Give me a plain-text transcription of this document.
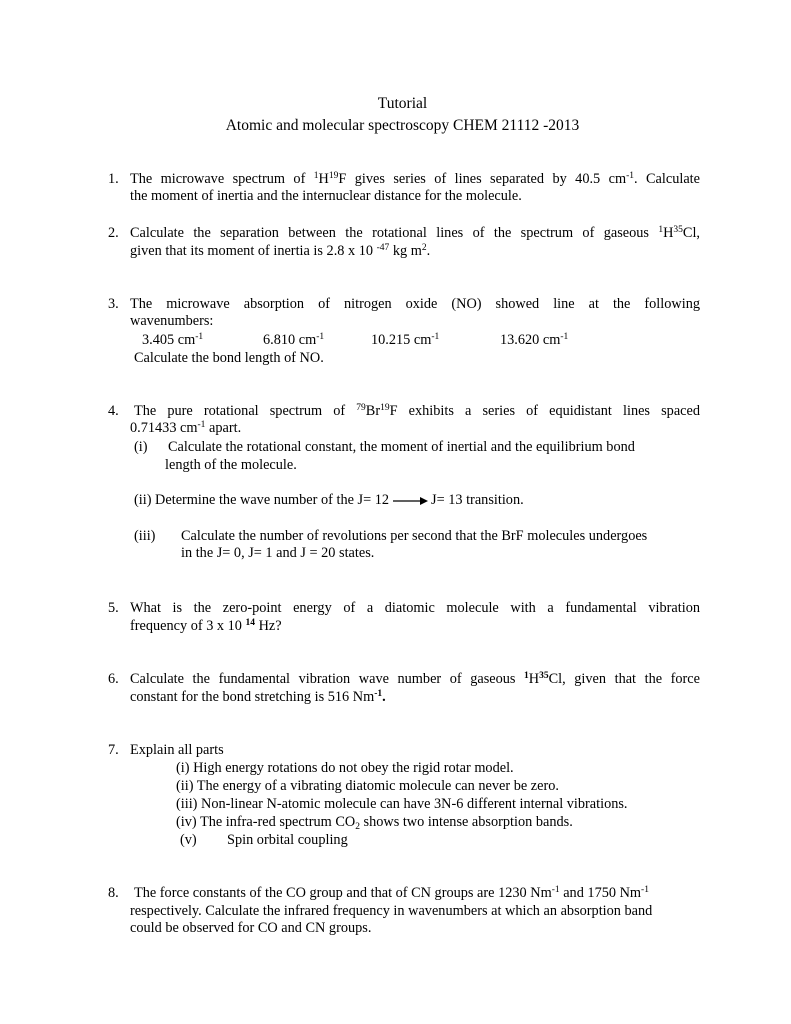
Tutorial
Atomic and molecular spectroscopy CHEM 21112 -2013
1. The microwave spectrum of $^1H^{19}F$ gives series of lines separated by 40.5 $cm^{-1}$. Calculate
the moment of inertia and the internuclear distance for the molecule.
2. Calculate the separation between the rotational lines of the spectrum of gaseous $^1H^{35}Cl$,
given that its moment of inertia is 2.8 x 10 $^{-47}$ kg $m^2$.
3. The microwave absorption of nitrogen oxide (NO) showed line at the following
wavenumbers:
3.405 $cm^{-1}$	6.810 $cm^{-1}$	10.215 $cm^{-1}$	13.620 $cm^{-1}$
Calculate the bond length of NO.
4. The pure rotational spectrum of $^{79}$Br$^{19}$F exhibits a series of equidistant lines spaced
0.71433 $cm^{-1}$ apart.
(i) Calculate the rotational constant, the moment of inertial and the equilibrium bond
length of the molecule.
(ii) Determine the wave number of the J= 12	J= 13 transition.
(iii) Calculate the number of revolutions per second that the BrF molecules undergoes
in the J= 0, J= 1 and J = 20 states.
5. What is the zero-point energy of a diatomic molecule with a fundamental vibration
frequency of 3 x 10 $^{14}$ Hz?
6. Calculate the fundamental vibration wave number of gaseous $^1H^{35}Cl$, given that the force
constant for the bond stretching is 516 $Nm^{-1}$.
7. Explain all parts
(i) High energy rotations do not obey the rigid rotar model.
(ii) The energy of a vibrating diatomic molecule can never be zero.
(iii) Non-linear N-atomic molecule can have 3N-6 different internal vibrations.
(iv) The infra-red spectrum $CO_2$ shows two intense absorption bands.
(v) Spin orbital coupling
8. The force constants of the CO group and that of CN groups are 1230 $Nm^{-1}$ and 1750 $Nm^{-1}$
respectively. Calculate the infrared frequency in wavenumbers at which an absorption band
could be observed for CO and CN groups.
